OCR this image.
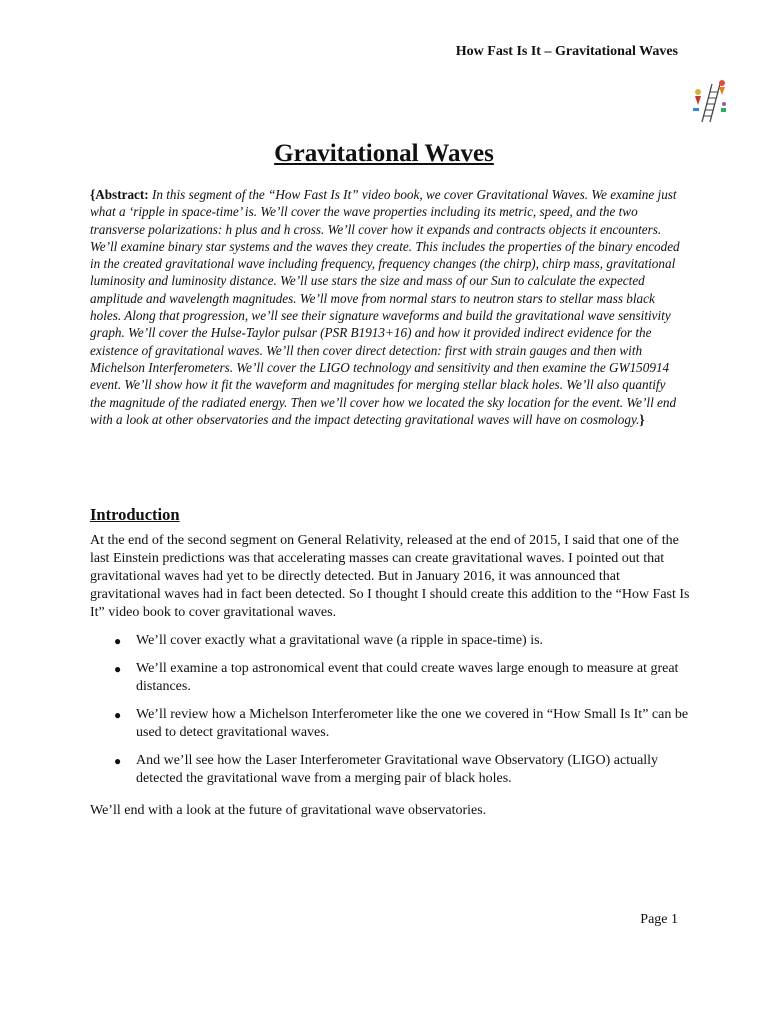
How Fast Is It – Gravitational Waves
Gravitational Waves

{Abstract: In this segment of the “How Fast Is It” video book, we cover Gravitational Waves. We examine just what a ‘ripple in space-time’ is. We’ll cover the wave properties including its metric, speed, and the two transverse polarizations: h plus and h cross. We’ll cover how it expands and contracts objects it encounters. We’ll examine binary star systems and the waves they create. This includes the properties of the binary encoded in the created gravitational wave including frequency, frequency changes (the chirp), chirp mass, gravitational luminosity and luminosity distance. We’ll use stars the size and mass of our Sun to calculate the expected amplitude and wavelength magnitudes. We’ll move from normal stars to neutron stars to stellar mass black holes. Along that progression, we’ll see their signature waveforms and build the gravitational wave sensitivity graph. We’ll cover the Hulse-Taylor pulsar (PSR B1913+16) and how it provided indirect evidence for the existence of gravitational waves. We’ll then cover direct detection: first with strain gauges and then with Michelson Interferometers. We’ll cover the LIGO technology and sensitivity and then examine the GW150914 event. We’ll show how it fit the waveform and magnitudes for merging stellar black holes. We’ll also quantify the magnitude of the radiated energy. Then we’ll cover how we located the sky location for the event. We’ll end with a look at other observatories and the impact detecting gravitational waves will have on cosmology.}

Introduction

At the end of the second segment on General Relativity, released at the end of 2015, I said that one of the last Einstein predictions was that accelerating masses can create gravitational waves. I pointed out that gravitational waves had yet to be directly detected. But in January 2016, it was announced that gravitational waves had in fact been detected. So I thought I should create this addition to the “How Fast Is It” video book to cover gravitational waves.

● We’ll cover exactly what a gravitational wave (a ripple in space-time) is.
● We’ll examine a top astronomical event that could create waves large enough to measure at great distances.
● We’ll review how a Michelson Interferometer like the one we covered in “How Small Is It” can be used to detect gravitational waves.
● And we’ll see how the Laser Interferometer Gravitational wave Observatory (LIGO) actually detected the gravitational wave from a merging pair of black holes.

We’ll end with a look at the future of gravitational wave observatories.

Page 1
